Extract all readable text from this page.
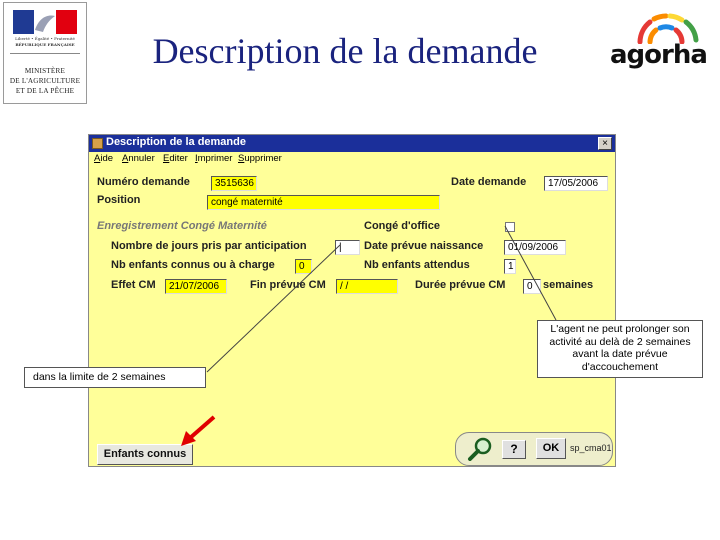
Liberté • Égalité • Fraternité
RÉPUBLIQUE FRANÇAISE
MINISTÈRE
DE L'AGRICULTURE
ET DE LA PÊCHE
Description de la demande	agorha
Description de la demande	×
Aide Annuler Editer Imprimer Supprimer
Numéro demande	3515636	Date demande	17/05/2006
Position	congé maternité
Enregistrement Congé Maternité	Congé d'office
Nombre de jours pris par anticipation	|	Date prévue naissance	01/09/2006
Nb enfants connus ou à charge	0	Nb enfants attendus	1
Effet CM	21/07/2006	Fin prévue CM	/ /	Durée prévue CM	0 semaines
Enfants connus	?	OK	sp_cma01
dans la limite de 2 semaines
L'agent ne peut prolonger son activité au delà de 2 semaines avant la date prévue d'accouchement
